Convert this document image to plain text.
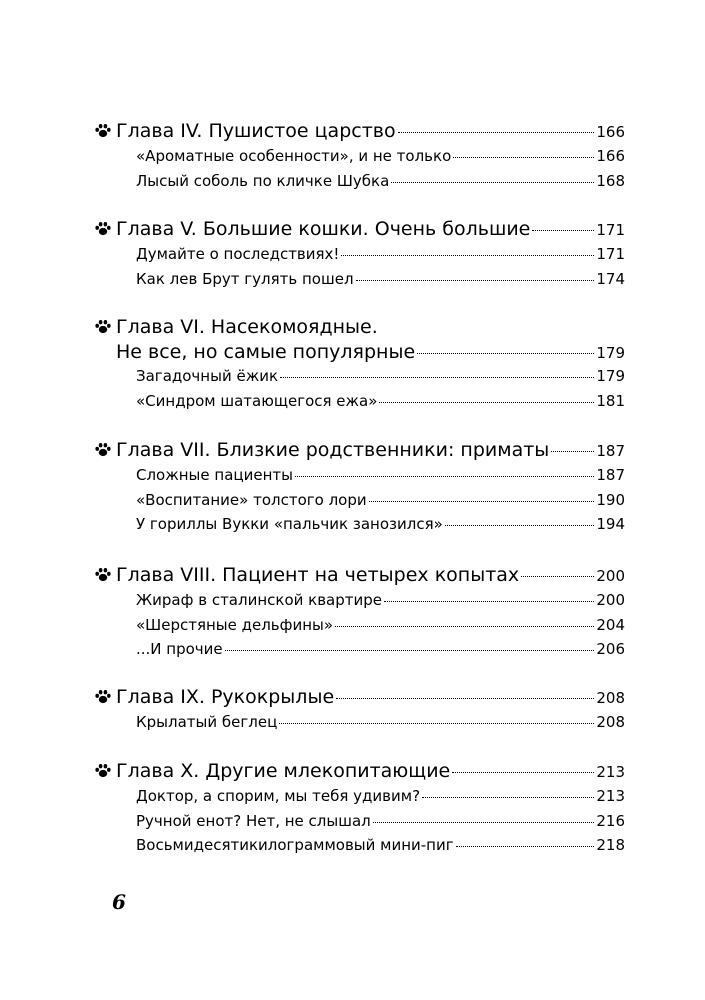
Глава IV. Пушистое царство	166
«Ароматные особенности», и не только	166
Лысый соболь по кличке Шубка	168
Глава V. Большие кошки. Очень большие	171
Думайте о последствиях!	171
Как лев Брут гулять пошел	174
Глава VI. Насекомоядные.
Не все, но самые популярные	179
Загадочный ёжик	179
«Синдром шатающегося ежа»	181
Глава VII. Близкие родственники: приматы	187
Сложные пациенты	187
«Воспитание» толстого лори	190
У гориллы Вукки «пальчик занозился»	194
Глава VIII. Пациент на четырех копытах	200
Жираф в сталинской квартире	200
«Шерстяные дельфины»	204
...И прочие	206
Глава IX. Рукокрылые	208
Крылатый беглец	208
Глава X. Другие млекопитающие	213
Доктор, а спорим, мы тебя удивим?	213
Ручной енот? Нет, не слышал	216
Восьмидесятикилограммовый мини-пиг	218
6
